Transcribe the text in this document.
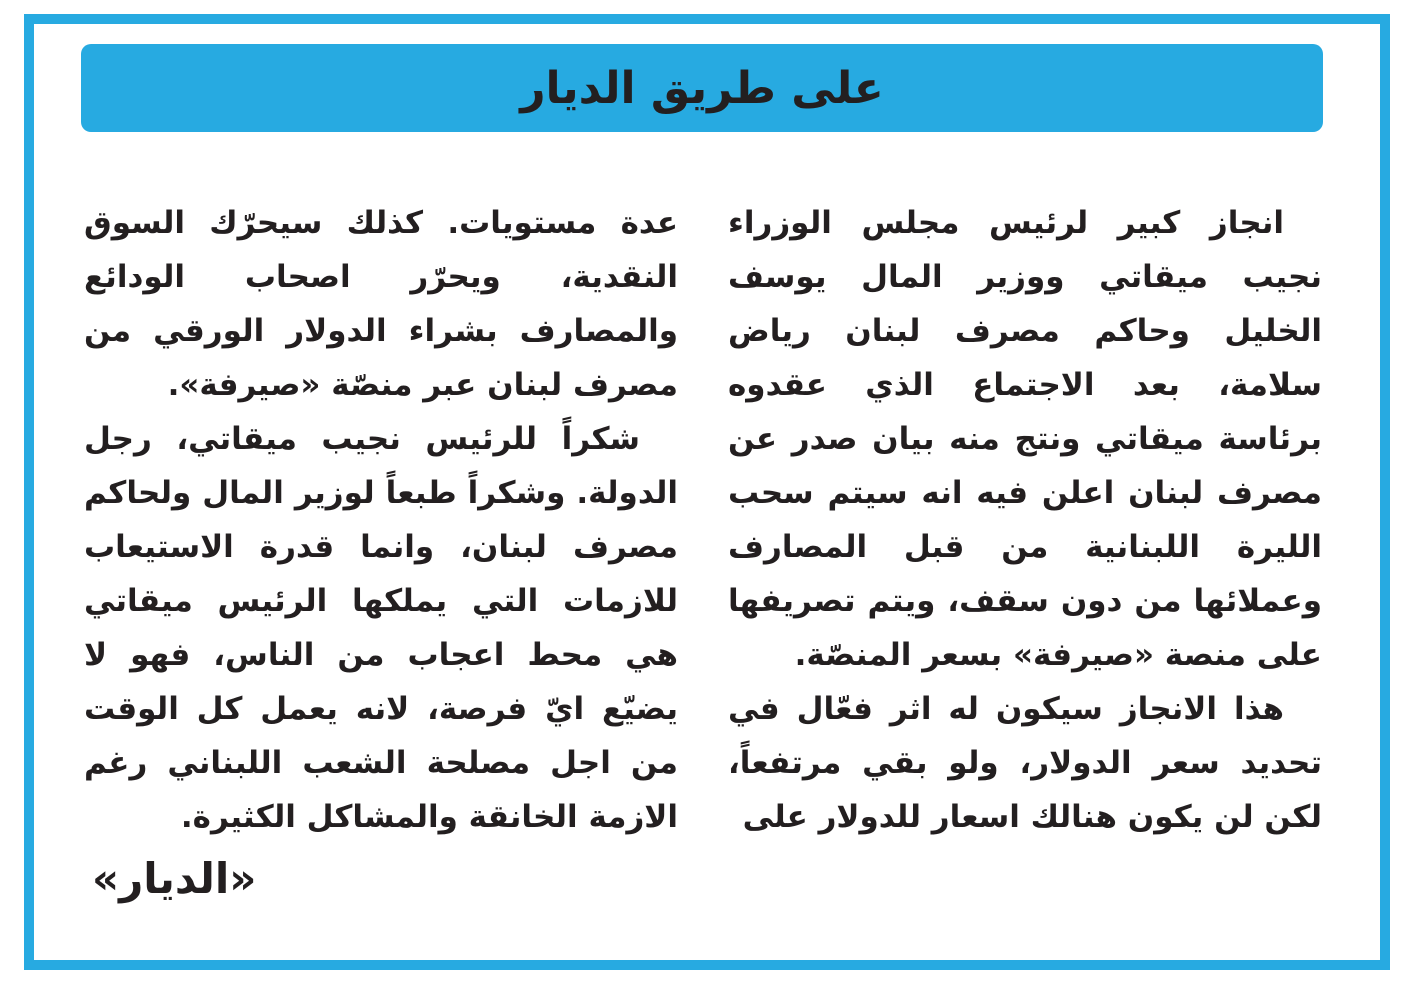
على طريق الديار

انجاز كبير لرئيس مجلس الوزراء نجيب ميقاتي ووزير المال يوسف الخليل وحاكم مصرف لبنان رياض سلامة، بعد الاجتماع الذي عقدوه برئاسة ميقاتي ونتج منه بيان صدر عن مصرف لبنان اعلن فيه انه سيتم سحب الليرة اللبنانية من قبل المصارف وعملائها من دون سقف، ويتم تصريفها على منصة «صيرفة» بسعر المنصّة.

هذا الانجاز سيكون له اثر فعّال في تحديد سعر الدولار، ولو بقي مرتفعاً، لكن لن يكون هنالك اسعار للدولار على

عدة مستويات. كذلك سيحرّك السوق النقدية، ويحرّر اصحاب الودائع والمصارف بشراء الدولار الورقي من مصرف لبنان عبر منصّة «صيرفة».

شكراً للرئيس نجيب ميقاتي، رجل الدولة. وشكراً طبعاً لوزير المال ولحاكم مصرف لبنان، وانما قدرة الاستيعاب للازمات التي يملكها الرئيس ميقاتي هي محط اعجاب من الناس، فهو لا يضيّع ايّ فرصة، لانه يعمل كل الوقت من اجل مصلحة الشعب اللبناني رغم الازمة الخانقة والمشاكل الكثيرة.

«الديار»
